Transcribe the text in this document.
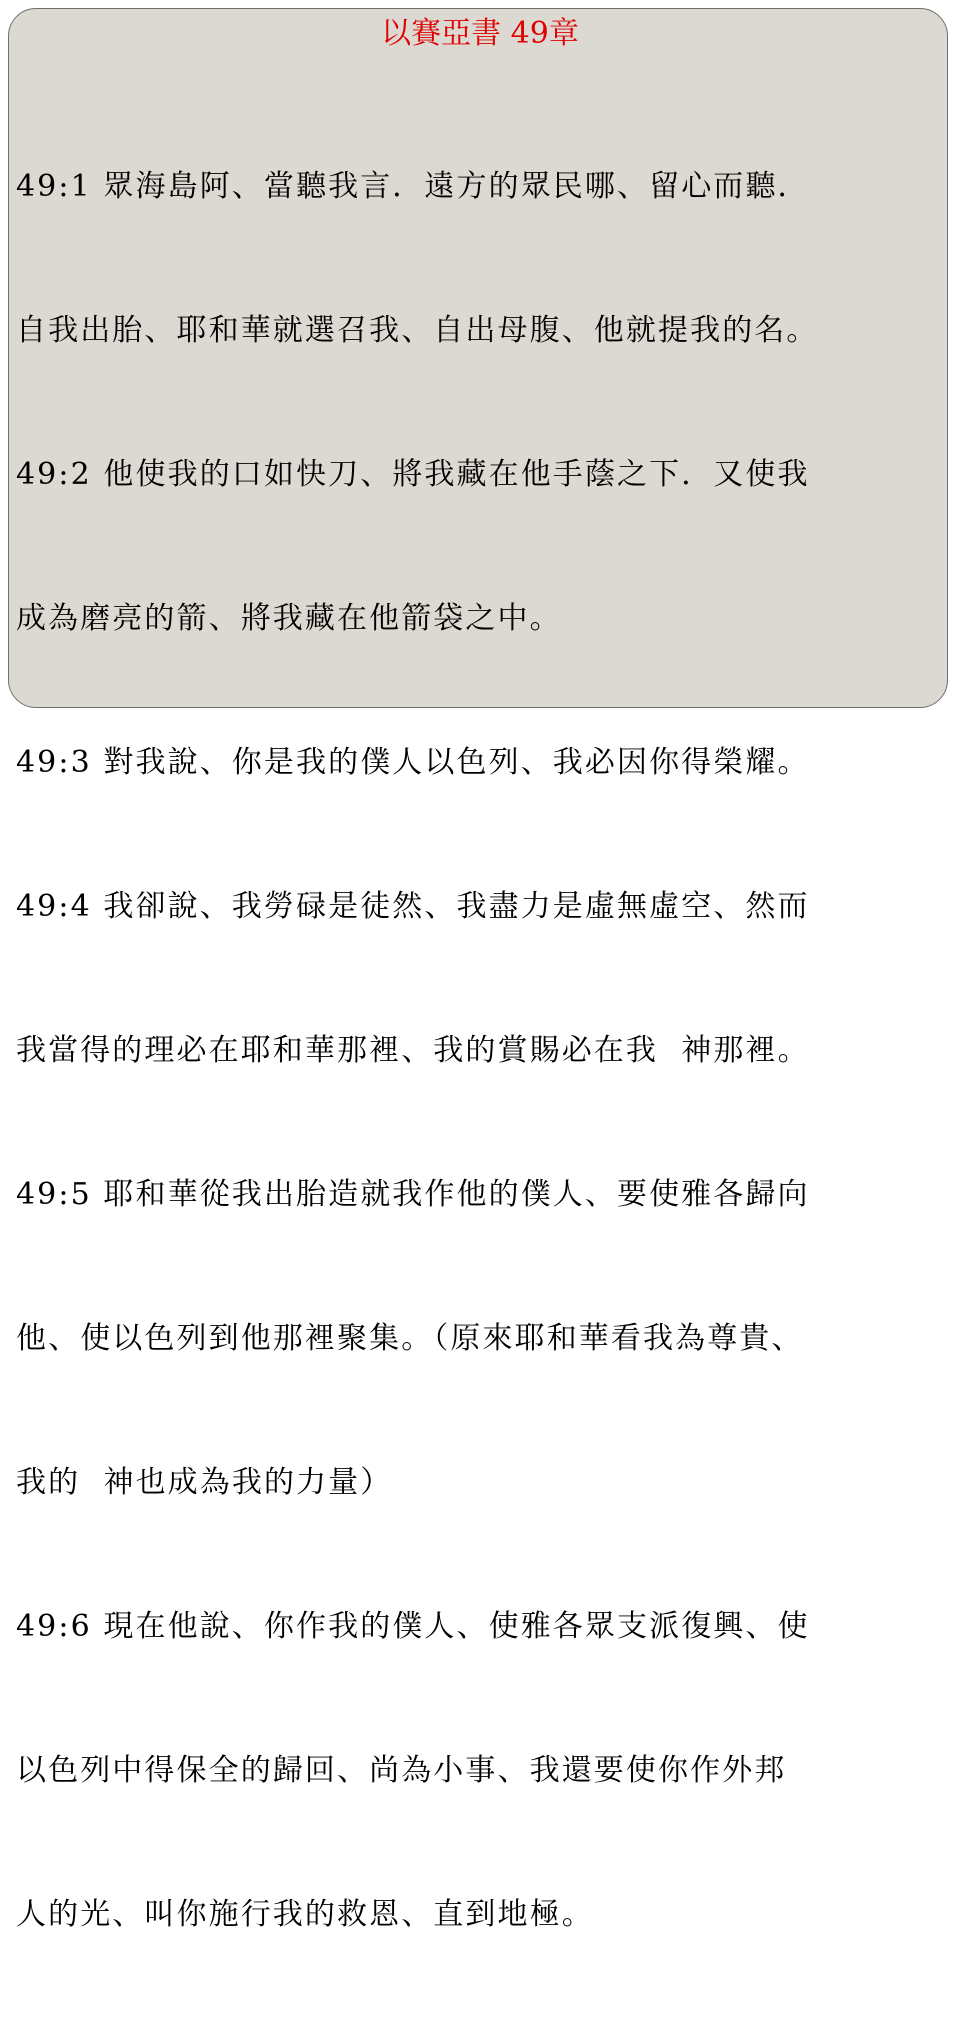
以賽亞書 49章

49:1 眾海島阿、當聽我言．遠方的眾民哪、留心而聽．

自我出胎、耶和華就選召我、自出母腹、他就提我的名。

49:2 他使我的口如快刀、將我藏在他手蔭之下．又使我

成為磨亮的箭、將我藏在他箭袋之中。

49:3 對我說、你是我的僕人以色列、我必因你得榮耀。

49:4 我卻說、我勞碌是徒然、我盡力是虛無虛空、然而

我當得的理必在耶和華那裡、我的賞賜必在我  神那裡。

49:5 耶和華從我出胎造就我作他的僕人、要使雅各歸向

他、使以色列到他那裡聚集。（原來耶和華看我為尊貴、

我的  神也成為我的力量）

49:6 現在他說、你作我的僕人、使雅各眾支派復興、使

以色列中得保全的歸回、尚為小事、我還要使你作外邦

人的光、叫你施行我的救恩、直到地極。
